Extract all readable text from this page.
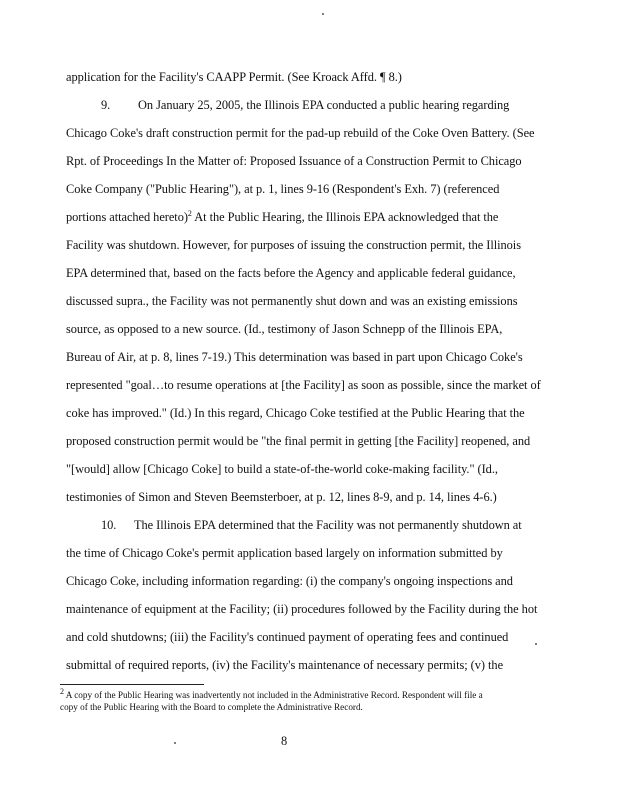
application for the Facility's CAAPP Permit. (See Kroack Affd. ¶ 8.)
9. On January 25, 2005, the Illinois EPA conducted a public hearing regarding
Chicago Coke's draft construction permit for the pad-up rebuild of the Coke Oven Battery. (See
Rpt. of Proceedings In the Matter of: Proposed Issuance of a Construction Permit to Chicago
Coke Company ("Public Hearing"), at p. 1, lines 9-16 (Respondent's Exh. 7) (referenced
portions attached hereto)$^2$ At the Public Hearing, the Illinois EPA acknowledged that the
Facility was shutdown. However, for purposes of issuing the construction permit, the Illinois
EPA determined that, based on the facts before the Agency and applicable federal guidance,
discussed supra., the Facility was not permanently shut down and was an existing emissions
source, as opposed to a new source. (Id., testimony of Jason Schnepp of the Illinois EPA,
Bureau of Air, at p. 8, lines 7-19.) This determination was based in part upon Chicago Coke's
represented "goal…to resume operations at [the Facility] as soon as possible, since the market of
coke has improved." (Id.) In this regard, Chicago Coke testified at the Public Hearing that the
proposed construction permit would be "the final permit in getting [the Facility] reopened, and
"[would] allow [Chicago Coke] to build a state-of-the-world coke-making facility." (Id.,
testimonies of Simon and Steven Beemsterboer, at p. 12, lines 8-9, and p. 14, lines 4-6.)
10. The Illinois EPA determined that the Facility was not permanently shutdown at
the time of Chicago Coke's permit application based largely on information submitted by
Chicago Coke, including information regarding: (i) the company's ongoing inspections and
maintenance of equipment at the Facility; (ii) procedures followed by the Facility during the hot
and cold shutdowns; (iii) the Facility's continued payment of operating fees and continued
submittal of required reports, (iv) the Facility's maintenance of necessary permits; (v) the
$^2$ A copy of the Public Hearing was inadvertently not included in the Administrative Record. Respondent will file a
copy of the Public Hearing with the Board to complete the Administrative Record.
8
